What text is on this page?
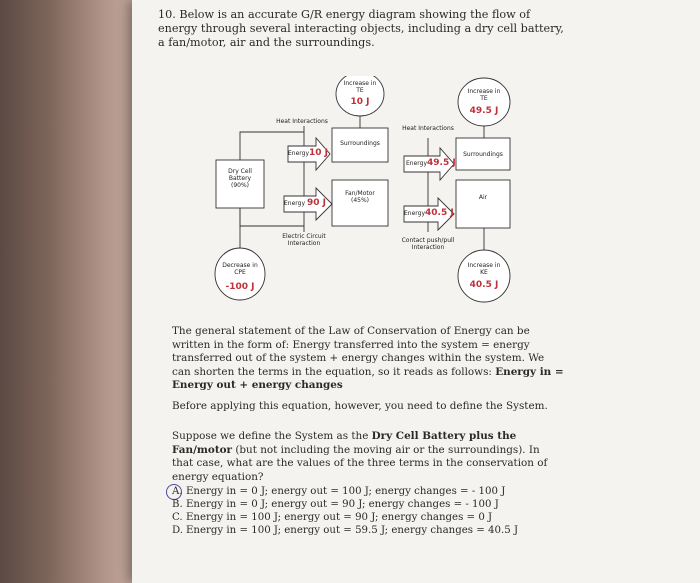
10. Below is an accurate G/R energy diagram showing the flow of energy through several interacting objects, including a dry cell battery, a fan/motor, air and the surroundings.
Dry Cell
Battery
(90%)
Surroundings
Fan/Motor
(45%)
Surroundings
Air
Decrease in
CPE
-100 J
Increase in
TE
10 J
Increase in
TE
49.5 J
Increase in
KE
40.5 J
Energy10 J
Energy 90 J
Energy49.5 J
Energy40.5 J
Heat Interactions
Electric Circuit
Interaction
Heat Interactions
Contact push/pull
Interaction
The general statement of the Law of Conservation of Energy can be written in the form of: Energy transferred into the system = energy transferred out of the system + energy changes within the system. We can shorten the terms in the equation, so it reads as follows: Energy in = Energy out + energy changes
Before applying this equation, however, you need to define the System.
Suppose we define the System as the Dry Cell Battery plus the Fan/motor (but not including the moving air or the surroundings). In that case, what are the values of the three terms in the conservation of energy equation?
A. Energy in = 0 J; energy out = 100 J; energy changes = - 100 J
B. Energy in = 0 J; energy out = 90 J; energy changes = - 100 J
C. Energy in = 100 J; energy out = 90 J; energy changes = 0 J
D. Energy in = 100 J; energy out = 59.5 J; energy changes = 40.5 J
